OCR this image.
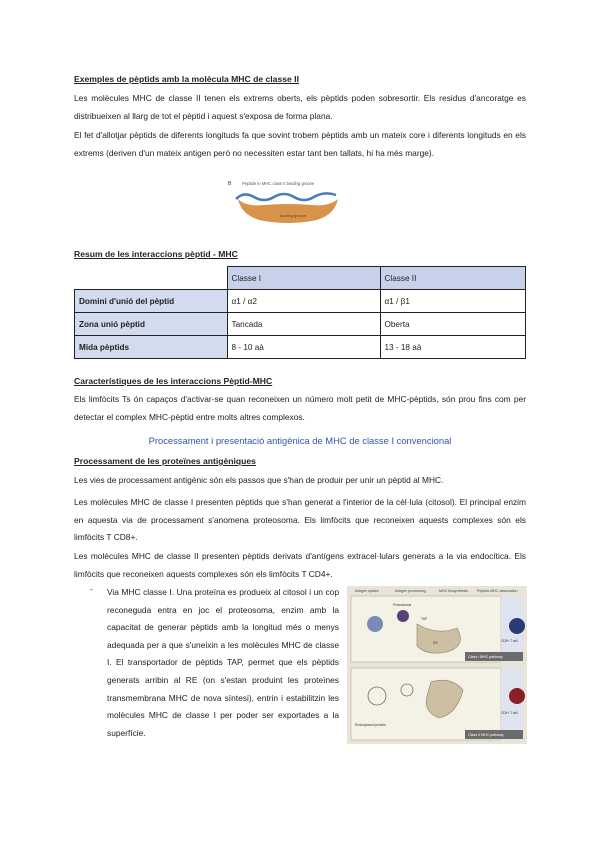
Exemples de pèptids amb la molècula MHC de classe II

Les molècules MHC de classe II tenen els extrems oberts, els pèptids poden sobresortir. Els residus d'ancoratge es distribueixen al llarg de tot el pèptid i aquest s'exposa de forma plana.

El fet d'allotjar pèptids de diferents longituds fa que sovint trobem pèptids amb un mateix core i diferents longituds en els extrems (deriven d'un mateix antigen però no necessiten estar tant ben tallats, hi ha més marge).

B	Peptide in MHC class II binding groove
binding groove
Resum de les interaccions pèptid - MHC
	Classe I	Classe II
Domini d'unió del pèptid	α1 / α2	α1 / β1
Zona unió pèptid	Tancada	Oberta
Mida pèptids	8 - 10 aà	13 - 18 aà
Característiques de les interaccions Pèptid-MHC

Els limfòcits Ts ón capaços d'activar-se quan reconeixen un número molt petit de MHC-pèptids, són prou fins com per detectar el complex MHC-pèptid entre molts altres complexos.

Processament i presentació antigènica de MHC de classe I convencional
Processament de les proteïnes antigèniques

Les vies de processament antigènic són els passos que s'han de produir per unir un pèptid al MHC.

Les molècules MHC de classe I presenten pèptids que s'han generat a l'interior de la cèl·lula (citosol). El principal enzim en aquesta via de processament s'anomena proteosoma. Els limfòcits que reconeixen aquests complexes són els limfòcits T CD8+.

Les molècules MHC de classe II presenten pèptids derivats d'antígens extracel·lulars generats a la via endocítica. Els limfòcits que reconeixen aquests complexes són els limfòcits T CD4+.

- Via MHC classe I. Una proteïna es produeix al citosol i un cop reconeguda entra en joc el proteosoma, enzim amb la capacitat de generar pèptids amb la longitud més o menys adequada per a que s'uneixin a les molècules MHC de classe I. El transportador de pèptids TAP, permet que els pèptids generats arribin al RE (on s'estan produint les proteïnes transmembrana MHC de nova síntesi), entrin i estabilitzin les molècules MHC de classe I per poder ser exportades a la superfície.

Antigen uptake	Antigen processing	MHC biosynthesis	Peptide-MHC association
Proteasome
ER
TAP
CD8+ T cell
Class I MHC pathway
Endocytosed protein
CD4+ T cell
Class II MHC pathway
